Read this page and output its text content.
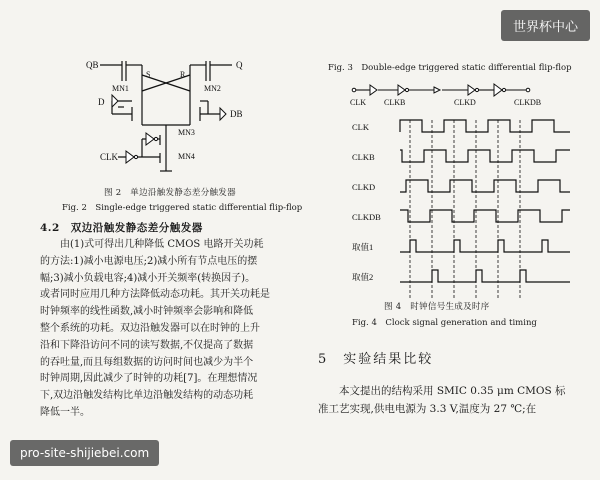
QB	Q
S	R
MN1	MN2
D
DB
MN3
MN4
CLK
图 2　单边沿触发静态差分触发器
Fig. 2　Single-edge triggered static differential flip-flop
4.2　双边沿触发静态差分触发器
　　由(1)式可得出几种降低 CMOS 电路开关功耗
的方法:1)减小电源电压;2)减小所有节点电压的摆
幅;3)减小负载电容;4)减小开关频率(转换因子)。
或者同时应用几种方法降低动态功耗。其开关功耗是
时钟频率的线性函数,减小时钟频率会影响和降低
整个系统的功耗。双边沿触发器可以在时钟的上升
沿和下降沿访问不同的读写数据,不仅提高了数据
的吞吐量,而且每组数据的访问时间也减少为半个
时钟周期,因此减少了时钟的功耗[7]。在理想情况
下,双边沿触发结构比单边沿触发结构的动态功耗
降低一半。
Fig. 3　Double-edge triggered static differential flip-flop
CLK CLKB	CLKD	CLKDB
CLK
CLKB
CLKD
CLKDB
取值1
取值2
图 4　时钟信号生成及时序
Fig. 4　Clock signal generation and timing
5　实验结果比较
　　本文提出的结构采用 SMIC 0.35 μm CMOS 标
准工艺实现,供电电源为 3.3 V,温度为 27 ℃;在
世界杯中心
pro-site-shijiebei.com
